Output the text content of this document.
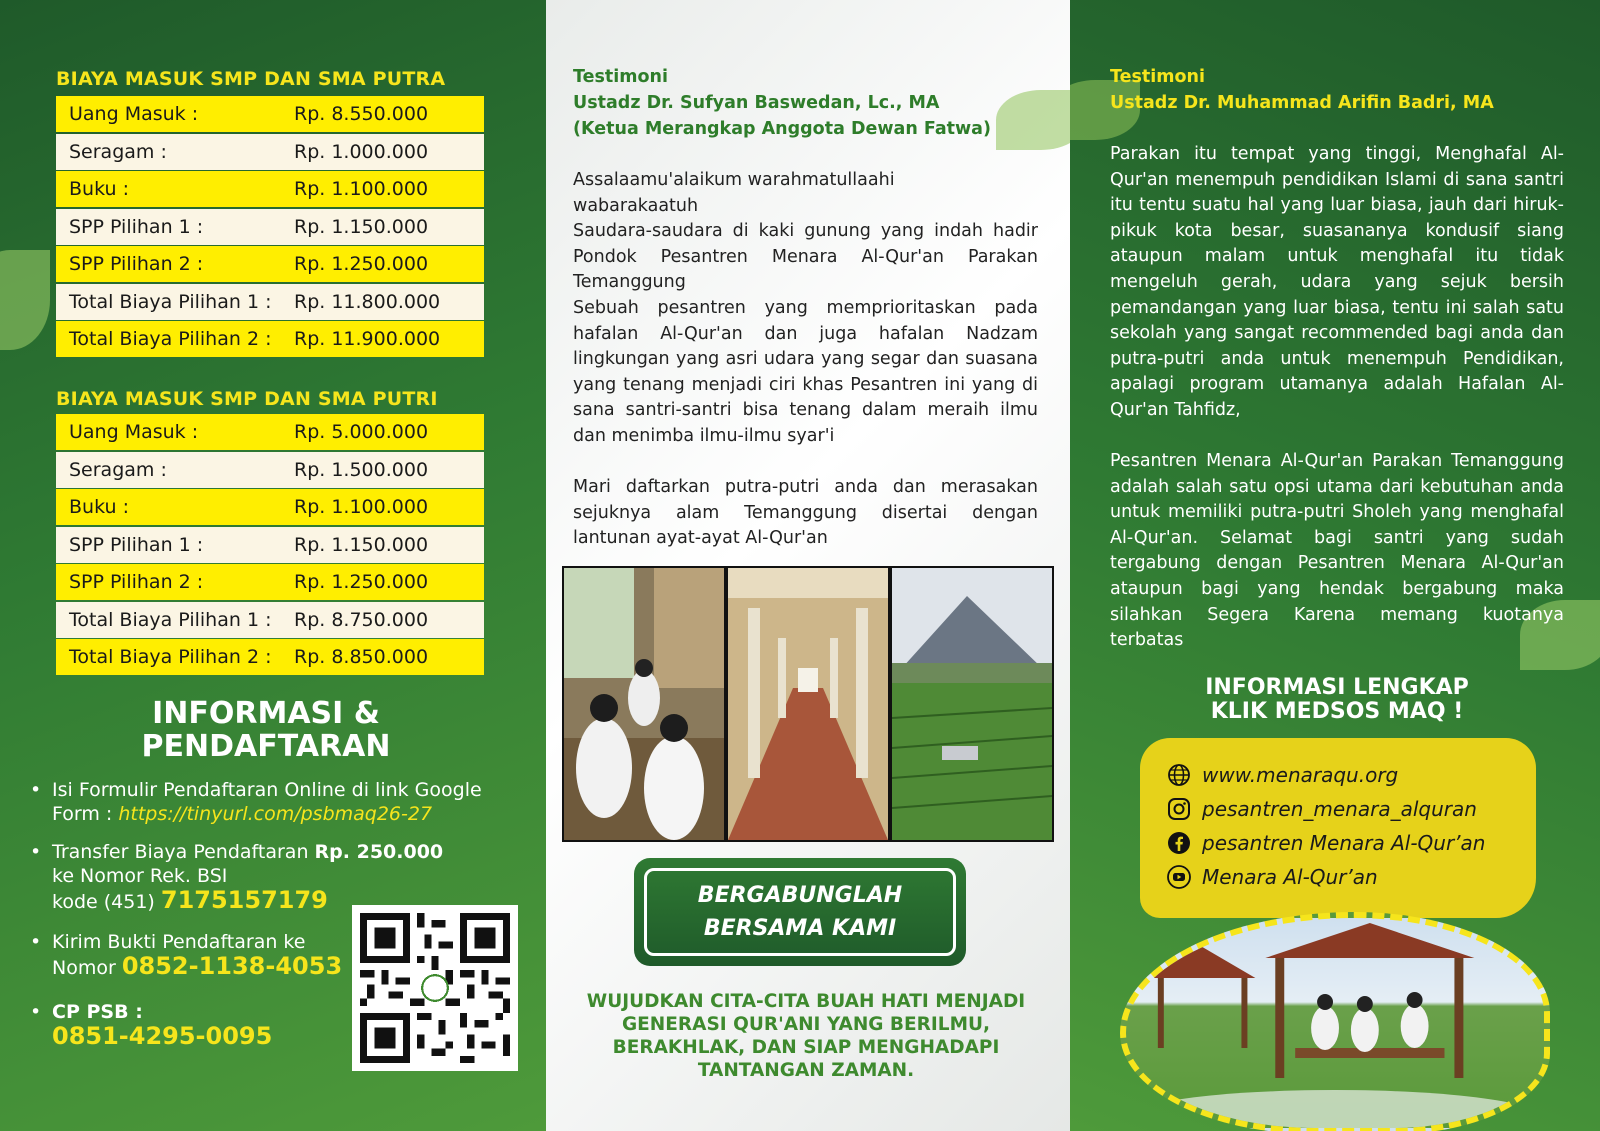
BIAYA MASUK SMP DAN SMA PUTRA
Uang Masuk :	Rp. 8.550.000
Seragam :	Rp. 1.000.000
Buku :	Rp. 1.100.000
SPP Pilihan 1 :	Rp. 1.150.000
SPP Pilihan 2 :	Rp. 1.250.000
Total Biaya Pilihan 1 :	Rp. 11.800.000
Total Biaya Pilihan 2 :	Rp. 11.900.000
BIAYA MASUK SMP DAN SMA PUTRI
Uang Masuk :	Rp. 5.000.000
Seragam :	Rp. 1.500.000
Buku :	Rp. 1.100.000
SPP Pilihan 1 :	Rp. 1.150.000
SPP Pilihan 2 :	Rp. 1.250.000
Total Biaya Pilihan 1 :	Rp. 8.750.000
Total Biaya Pilihan 2 :	Rp. 8.850.000
INFORMASI &
PENDAFTARAN
• Isi Formulir Pendaftaran Online di link Google
Form : https://tinyurl.com/psbmaq26-27
• Transfer Biaya Pendaftaran Rp. 250.000
ke Nomor Rek. BSI
kode (451) 7175157179
• Kirim Bukti Pendaftaran ke
Nomor 0852-1138-4053
• CP PSB :
0851-4295-0095
Testimoni
Ustadz Dr. Sufyan Baswedan, Lc., MA
(Ketua Merangkap Anggota Dewan Fatwa)
Assalaamu'alaikum warahmatullaahi wabarakaatuh
Saudara-saudara di kaki gunung yang indah hadir Pondok Pesantren Menara Al-Qur'an Parakan Temanggung
Sebuah pesantren yang memprioritaskan pada hafalan Al-Qur'an dan juga hafalan Nadzam lingkungan yang asri udara yang segar dan suasana yang tenang menjadi ciri khas Pesantren ini yang di sana santri-santri bisa tenang dalam meraih ilmu dan menimba ilmu-ilmu syar'i
Mari daftarkan putra-putri anda dan merasakan sejuknya alam Temanggung disertai dengan lantunan ayat-ayat Al-Qur'an
BERGABUNGLAH
BERSAMA KAMI
WUJUDKAN CITA-CITA BUAH HATI MENJADI GENERASI QUR'ANI YANG BERILMU, BERAKHLAK, DAN SIAP MENGHADAPI TANTANGAN ZAMAN.
Testimoni
Ustadz Dr. Muhammad Arifin Badri, MA
Parakan itu tempat yang tinggi, Menghafal Al-Qur'an menempuh pendidikan Islami di sana santri itu tentu suatu hal yang luar biasa, jauh dari hiruk-pikuk kota besar, suasananya kondusif siang ataupun malam untuk menghafal itu tidak mengeluh gerah, udara yang sejuk bersih pemandangan yang luar biasa, tentu ini salah satu sekolah yang sangat recommended bagi anda dan putra-putri anda untuk menempuh Pendidikan, apalagi program utamanya adalah Hafalan Al-Qur'an Tahfidz,
Pesantren Menara Al-Qur'an Parakan Temanggung adalah salah satu opsi utama dari kebutuhan anda untuk memiliki putra-putri Sholeh yang menghafal Al-Qur'an. Selamat bagi santri yang sudah tergabung dengan Pesantren Menara Al-Qur'an ataupun bagi yang hendak bergabung maka silahkan Segera Karena memang kuotanya terbatas
INFORMASI LENGKAP
KLIK MEDSOS MAQ !
www.menaraqu.org
pesantren_menara_alquran
pesantren Menara Al-Qur’an
Menara Al-Qur’an
